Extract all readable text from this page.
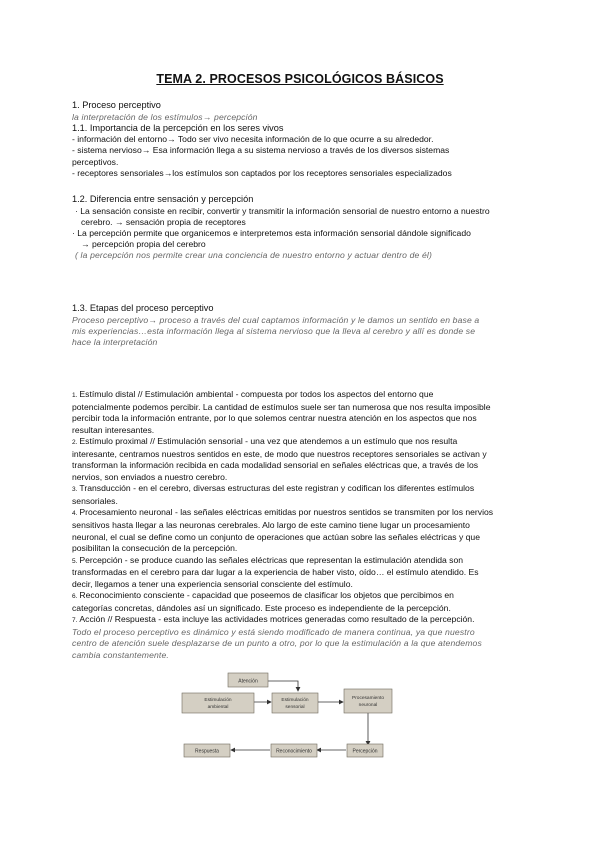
TEMA 2. PROCESOS PSICOLÓGICOS BÁSICOS
1. Proceso perceptivo
la interpretación de los estímulos→ percepción
1.1. Importancia de la percepción en los seres vivos
- información del entorno→ Todo ser vivo necesita información de lo que ocurre a su alrededor.
- sistema nervioso→ Esa información llega a su sistema nervioso a través de los diversos sistemas
perceptivos.
- receptores sensoriales→los estímulos son captados por los receptores sensoriales especializados
1.2. Diferencia entre sensación y percepción
· La sensación consiste en recibir, convertir y transmitir la información sensorial de nuestro entorno a nuestro
cerebro. → sensación propia de receptores
· La percepción permite que organicemos e interpretemos esta información sensorial dándole significado
→ percepción propia del cerebro
( la percepción nos permite crear una conciencia de nuestro entorno y actuar dentro de él)
1.3. Etapas del proceso perceptivo
Proceso perceptivo→ proceso a través del cual captamos información y le damos un sentido en base a
mis experiencias…esta información llega al sistema nervioso que la lleva al cerebro y allí es donde se
hace la interpretación

1. Estímulo distal // Estimulación ambiental - compuesta por todos los aspectos del entorno que

potencialmente podemos percibir. La cantidad de estímulos suele ser tan numerosa que nos resulta imposible

percibir toda la información entrante, por lo que solemos centrar nuestra atención en los aspectos que nos

resultan interesantes.

2. Estímulo proximal // Estimulación sensorial - una vez que atendemos a un estímulo que nos resulta

interesante, centramos nuestros sentidos en este, de modo que nuestros receptores sensoriales se activan y

transforman la información recibida en cada modalidad sensorial en señales eléctricas que, a través de los

nervios, son enviados a nuestro cerebro.

3. Transducción - en el cerebro, diversas estructuras del este registran y codifican los diferentes estímulos

sensoriales.

4. Procesamiento neuronal - las señales eléctricas emitidas por nuestros sentidos se transmiten por los nervios

sensitivos hasta llegar a las neuronas cerebrales. Alo largo de este camino tiene lugar un procesamiento

neuronal, el cual se define como un conjunto de operaciones que actúan sobre las señales eléctricas y que

posibilitan la consecución de la percepción.

5. Percepción - se produce cuando las señales eléctricas que representan la estimulación atendida son

transformadas en el cerebro para dar lugar a la experiencia de haber visto, oído… el estímulo atendido. Es

decir, llegamos a tener una experiencia sensorial consciente del estímulo.

6. Reconocimiento consciente - capacidad que poseemos de clasificar los objetos que percibimos en

categorías concretas, dándoles así un significado. Este proceso es independiente de la percepción.

7. Acción // Respuesta - esta incluye las actividades motrices generadas como resultado de la percepción.

Todo el proceso perceptivo es dinámico y está siendo modificado de manera continua, ya que nuestro

centro de atención suele desplazarse de un punto a otro, por lo que la estimulación a la que atendemos

cambia constantemente.

Atención
Estimulación
ambiental
Estimulación
sensorial
Procesamiento
neuronal
Respuesta	Reconocimiento	Percepción
